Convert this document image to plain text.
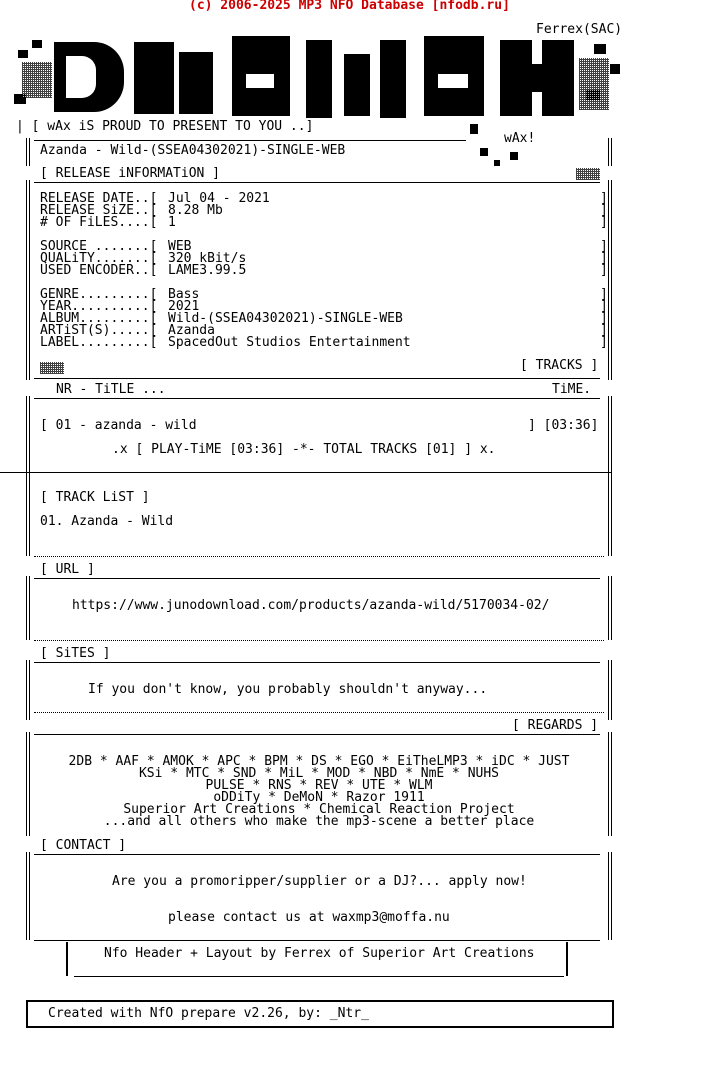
(c) 2006-2025 MP3 NFO Database [nfodb.ru]
Ferrex(SAC)
| [ wAx iS PROUD TO PRESENT TO YOU ..]
wAx!
Azanda - Wild-(SSEA04302021)-SINGLE-WEB
[ RELEASE iNFORMATiON ]
RELEASE DATE..[ Jul 04 - 2021	]
RELEASE SiZE..[ 8.28 Mb	]
# OF FiLES....[ 1	]
SOURCE .......[ WEB	]
QUALiTY.......[ 320 kBit/s	]
USED ENCODER..[ LAME3.99.5	]
GENRE.........[ Bass	]
YEAR..........[ 2021	]
ALBUM.........[ Wild-(SSEA04302021)-SINGLE-WEB	]
ARTiST(S).....[ Azanda	]
LABEL.........[ SpacedOut Studios Entertainment	]
[ TRACKS ]
NR - TiTLE ...	TiME.
[ 01 - azanda - wild	] [03:36]
.x [ PLAY-TiME [03:36] -*- TOTAL TRACKS [01] ] x.
[ TRACK LiST ]
01. Azanda - Wild
[ URL ]
https://www.junodownload.com/products/azanda-wild/5170034-02/
[ SiTES ]
If you don't know, you probably shouldn't anyway...
[ REGARDS ]
2DB * AAF * AMOK * APC * BPM * DS * EGO * EiTheLMP3 * iDC * JUST
KSi * MTC * SND * MiL * MOD * NBD * NmE * NUHS
PULSE * RNS * REV * UTE * WLM
oDDiTy * DeMoN * Razor 1911
Superior Art Creations * Chemical Reaction Project
...and all others who make the mp3-scene a better place
[ CONTACT ]
Are you a promoripper/supplier or a DJ?... apply now!
please contact us at waxmp3@moffa.nu
Nfo Header + Layout by Ferrex of Superior Art Creations
Created with NfO prepare v2.26, by: _Ntr_
